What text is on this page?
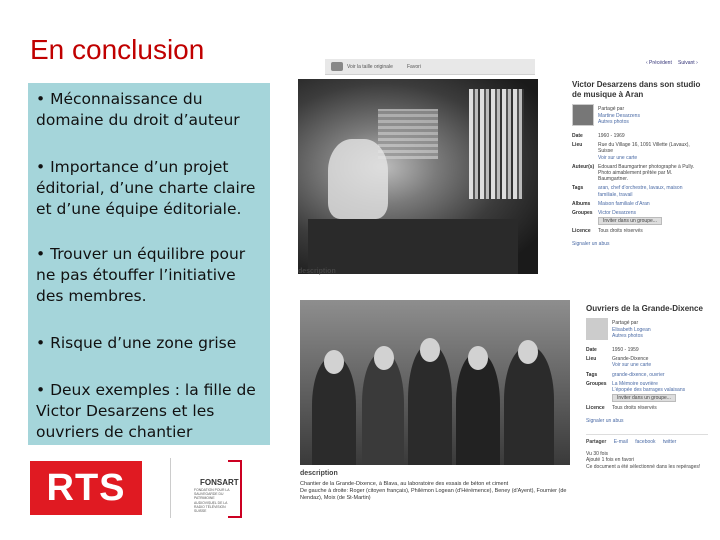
En conclusion
• Méconnaissance du domaine du droit d’auteur
• Importance d’un projet éditorial, d’une charte claire et d’une équipe éditoriale.
• Trouver un équilibre pour ne pas étouffer l’initiative des membres.
• Risque d’une zone grise
• Deux exemples : la fille de Victor Desarzens et les ouvriers de chantier
RTS	FONSART
FONDATION POUR LA SAUVEGARDE DU PATRIMOINE AUDIOVISUEL DE LA RADIO TÉLÉVISION SUISSE
Voir la taille originale	Favori
‹ Précédent Suivant ›
description
Victor Desarzens dans son studio de musique à Aran
Partagé par
Martine Desarzens
Autres photos
Date	1960 - 1969
Lieu	Rue du Village 16, 1091 Villette (Lavaux), Suisse
Voir sur une carte
Auteur(s) Edouard Baumgartner photographe à Pully. Photo aimablement prêtée par M. Baumgartner.
Tags	aran, chef d’orchestre, lavaux, maison familiale, travail
Albums	Maison familiale d’Aran
Groupes	Victor Desarzens
Inviter dans un groupe...
Licence	Tous droits réservés
Signaler un abus
description
Chantier de la Grande-Dixence, à Blava, au laboratoire des essais de béton et ciment
De gauche à droite: Roger (citoyen français), Philémon Logean (d'Hérémence), Beney (d'Ayent), Fournier (de Nendaz), Moix (de St-Martin)
Ouvriers de la Grande-Dixence
Partagé par
Elisabeth Logean
Autres photos
Date	1950 - 1959
Lieu	Grande-Dixence
Voir sur une carte
Tags	grande-dixence, ouvrier
Groupes	La Mémoire ouvrière
L’épopée des barrages valaisans
Inviter dans un groupe...
Licence	Tous droits réservés
Signaler un abus
Partager E-mail facebook twitter
Vu 30 fois
Ajouté 1 fois en favori
Ce document a été sélectionné dans les repérages!
